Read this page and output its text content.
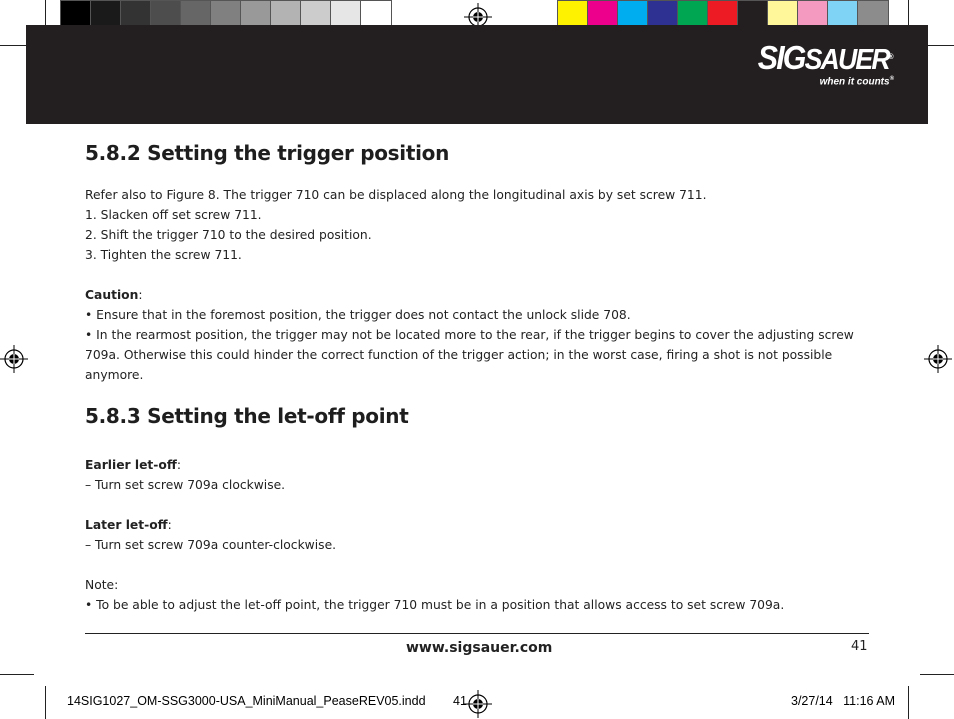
SIGSAUER®
when it counts®
5.8.2 Setting the trigger position

Refer also to Figure 8. The trigger 710 can be displaced along the longitudinal axis by set screw 711.

1. Slacken off set screw 711.

2. Shift the trigger 710 to the desired position.

3. Tighten the screw 711.

Caution:

• Ensure that in the foremost position, the trigger does not contact the unlock slide 708.

• In the rearmost position, the trigger may not be located more to the rear, if the trigger begins to cover the adjusting screw 709a. Otherwise this could hinder the correct function of the trigger action; in the worst case, firing a shot is not possible anymore.

5.8.3 Setting the let-off point

Earlier let-off:

– Turn set screw 709a clockwise.

Later let-off:

– Turn set screw 709a counter-clockwise.

Note:

• To be able to adjust the let-off point, the trigger 710 must be in a position that allows access to set screw 709a.

www.sigsauer.com	41
14SIG1027_OM-SSG3000-USA_MiniManual_PeaseREV05.indd 41	3/27/14 11:16 AM
